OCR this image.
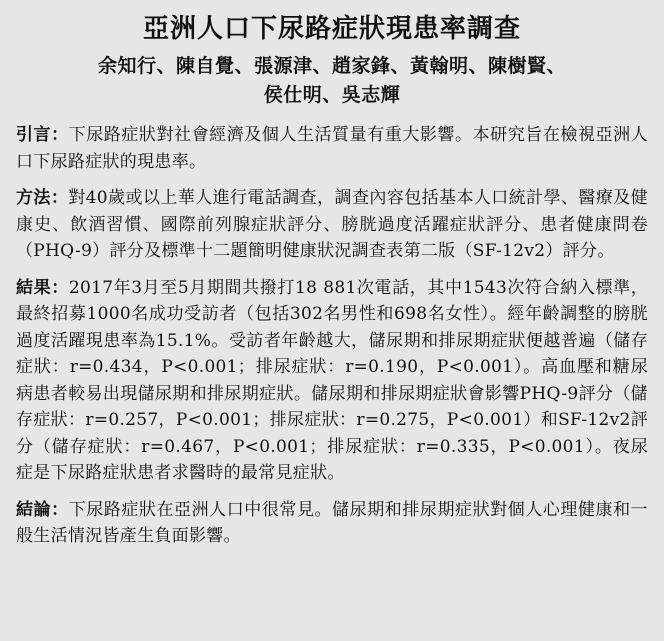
亞洲人口下尿路症狀現患率調查
余知行、陳自覺、張源津、趙家鋒、黃翰明、陳樹賢、
侯仕明、吳志輝

引言：下尿路症狀對社會經濟及個人生活質量有重大影響。本研究旨在檢視亞洲人口下尿路症狀的現患率。

方法：對40歲或以上華人進行電話調查，調查內容包括基本人口統計學、醫療及健康史、飲酒習慣、國際前列腺症狀評分、膀胱過度活躍症狀評分、患者健康問卷（PHQ-9）評分及標準十二題簡明健康狀況調查表第二版（SF-12v2）評分。

結果：2017年3月至5月期間共撥打18 881次電話，其中1543次符合納入標準，最終招募1000名成功受訪者（包括302名男性和698名女性）。經年齡調整的膀胱過度活躍現患率為15.1%。受訪者年齡越大，儲尿期和排尿期症狀便越普遍（儲存症狀：r=0.434，P<0.001；排尿症狀：r=0.190，P<0.001）。高血壓和糖尿病患者較易出現儲尿期和排尿期症狀。儲尿期和排尿期症狀會影響PHQ-9評分（儲存症狀：r=0.257，P<0.001；排尿症狀：r=0.275，P<0.001）和SF-12v2評分（儲存症狀：r=0.467，P<0.001；排尿症狀：r=0.335，P<0.001）。夜尿症是下尿路症狀患者求醫時的最常見症狀。

結論：下尿路症狀在亞洲人口中很常見。儲尿期和排尿期症狀對個人心理健康和一般生活情況皆產生負面影響。
